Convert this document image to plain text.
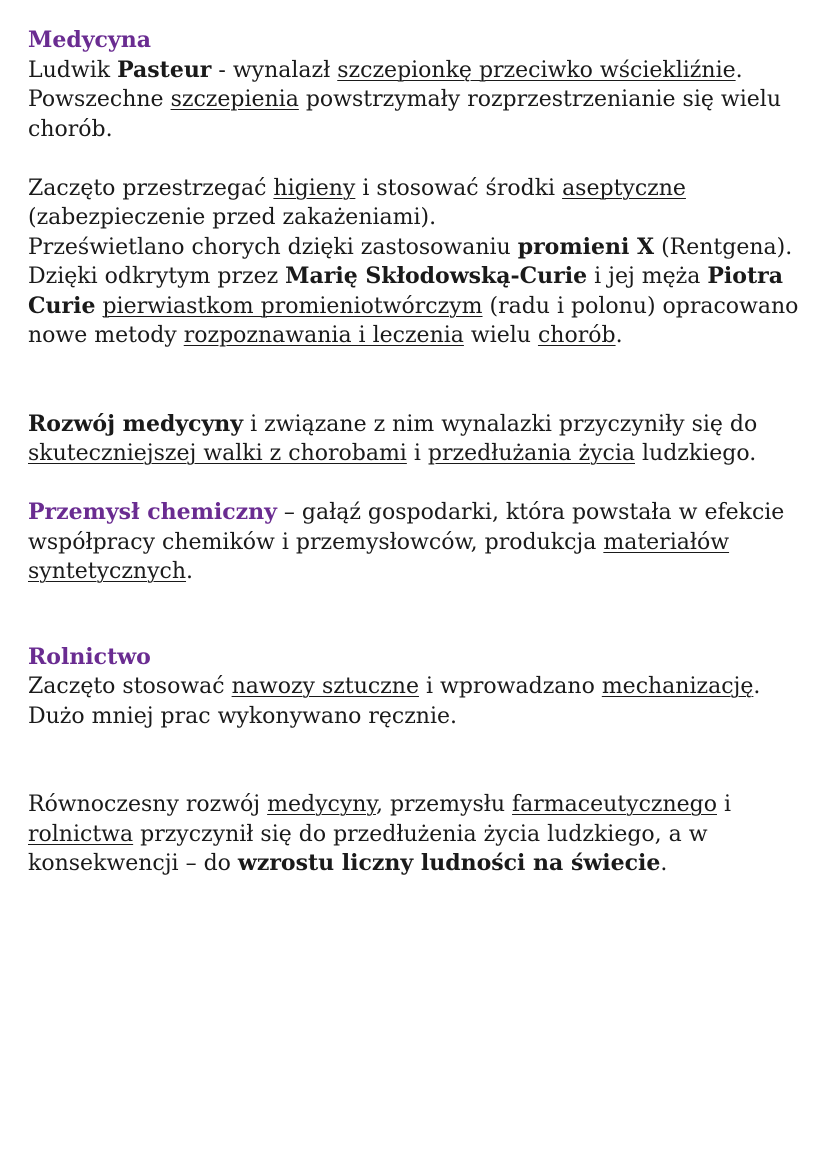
Medycyna
Ludwik Pasteur - wynalazł szczepionkę przeciwko wściekliźnie.
Powszechne szczepienia powstrzymały rozprzestrzenianie się wielu chorób.
Zaczęto przestrzegać higieny i stosować środki aseptyczne (zabezpieczenie przed zakażeniami).
Prześwietlano chorych dzięki zastosowaniu promieni X (Rentgena).
Dzięki odkrytym przez Marię Skłodowską-Curie i jej męża Piotra Curie pierwiastkom promieniotwórczym (radu i polonu) opracowano nowe metody rozpoznawania i leczenia wielu chorób.
Rozwój medycyny i związane z nim wynalazki przyczyniły się do skuteczniejszej walki z chorobami i przedłużania życia ludzkiego.
Przemysł chemiczny – gałąź gospodarki, która powstała w efekcie współpracy chemików i przemysłowców, produkcja materiałów syntetycznych.
Rolnictwo
Zaczęto stosować nawozy sztuczne i wprowadzano mechanizację. Dużo mniej prac wykonywano ręcznie.
Równoczesny rozwój medycyny, przemysłu farmaceutycznego i rolnictwa przyczynił się do przedłużenia życia ludzkiego, a w konsekwencji – do wzrostu liczny ludności na świecie.
